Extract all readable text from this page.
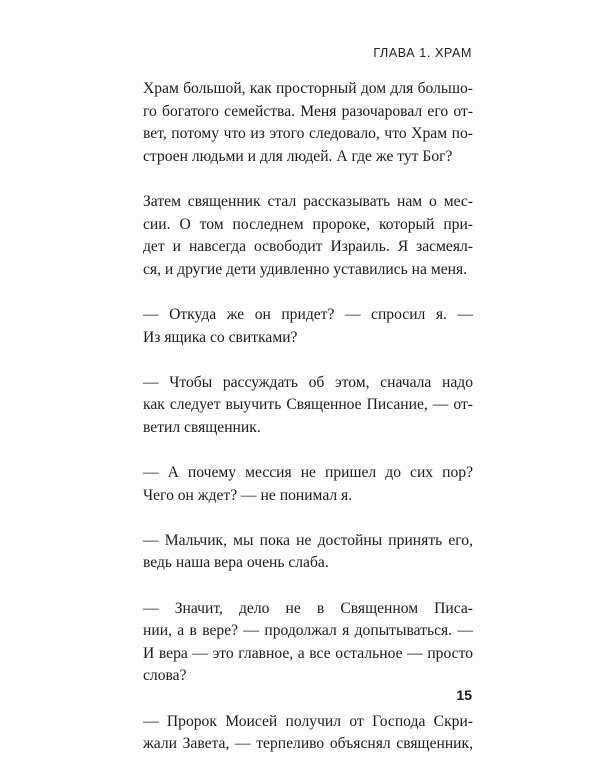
ГЛАВА 1. ХРАМ
Храм большой, как просторный дом для большо-
го богатого семейства. Меня разочаровал его от-
вет, потому что из этого следовало, что Храм по-
строен людьми и для людей. А где же тут Бог?
Затем священник стал рассказывать нам о мес-
сии. О том последнем пророке, который при-
дет и навсегда освободит Израиль. Я засмеял-
ся, и другие дети удивленно уставились на меня.
— Откуда же он придет? — спросил я. —
Из ящика со свитками?
— Чтобы рассуждать об этом, сначала надо
как следует выучить Священное Писание, — от-
ветил священник.
— А почему мессия не пришел до сих пор?
Чего он ждет? — не понимал я.
— Мальчик, мы пока не достойны принять его,
ведь наша вера очень слаба.
— Значит, дело не в Священном Писа-
нии, а в вере? — продолжал я допытываться. —
И вера — это главное, а все остальное — просто
слова?
— Пророк Моисей получил от Господа Скри-
жали Завета, — терпеливо объяснял священник,
15
